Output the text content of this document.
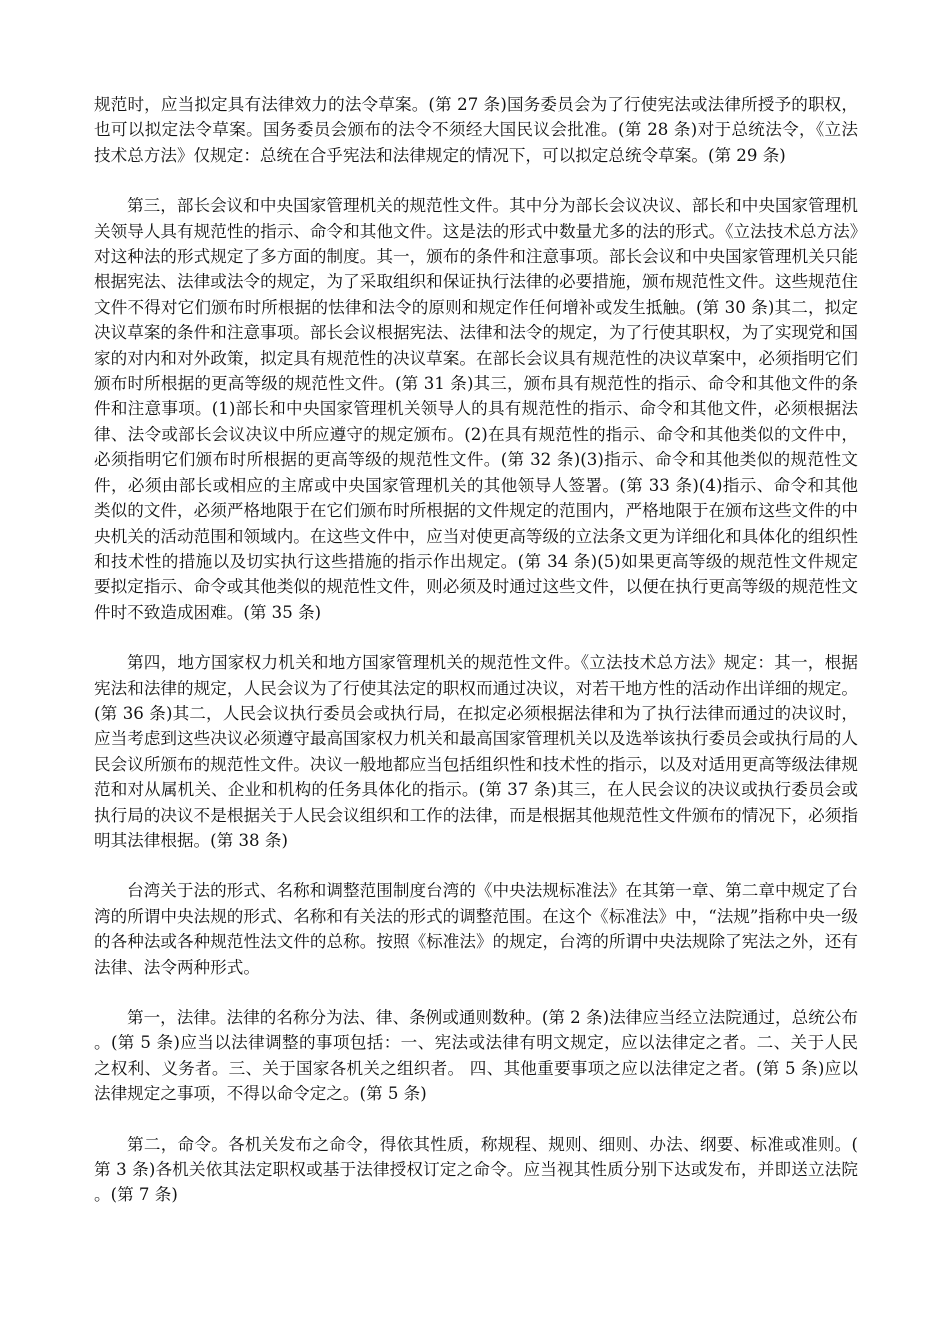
规范时，应当拟定具有法律效力的法令草案。(第 27 条)国务委员会为了行使宪法或法律所授予的职权，也可以拟定法令草案。国务委员会颁布的法令不须经大国民议会批准。(第 28 条)对于总统法令，《立法技术总方法》仅规定：总统在合乎宪法和法律规定的情况下，可以拟定总统令草案。(第 29 条)

第三，部长会议和中央国家管理机关的规范性文件。其中分为部长会议决议、部长和中央国家管理机关领导人具有规范性的指示、命令和其他文件。这是法的形式中数量尤多的法的形式。《立法技术总方法》对这种法的形式规定了多方面的制度。其一，颁布的条件和注意事项。部长会议和中央国家管理机关只能根据宪法、法律或法令的规定，为了采取组织和保证执行法律的必要措施，颁布规范性文件。这些规范住文件不得对它们颁布时所根据的怯律和法令的原则和规定作任何增补或发生抵触。(第 30 条)其二，拟定决议草案的条件和注意事项。部长会议根据宪法、法律和法令的规定，为了行使其职权，为了实现党和国家的对内和对外政策，拟定具有规范性的决议草案。在部长会议具有规范性的决议草案中，必须指明它们颁布时所根据的更高等级的规范性文件。(第 31 条)其三，颁布具有规范性的指示、命令和其他文件的条件和注意事项。(1)部长和中央国家管理机关领导人的具有规范性的指示、命令和其他文件，必须根据法律、法令或部长会议决议中所应遵守的规定颁布。(2)在具有规范性的指示、命令和其他类似的文件中，必须指明它们颁布时所根据的更高等级的规范性文件。(第 32 条)(3)指示、命令和其他类似的规范性文件，必须由部长或相应的主席或中央国家管理机关的其他领导人签署。(第 33 条)(4)指示、命令和其他类似的文件，必须严格地限于在它们颁布时所根据的文件规定的范围内，严格地限于在颁布这些文件的中央机关的活动范围和领域内。在这些文件中，应当对使更高等级的立法条文更为详细化和具体化的组织性和技术性的措施以及切实执行这些措施的指示作出规定。(第 34 条)(5)如果更高等级的规范性文件规定要拟定指示、命令或其他类似的规范性文件，则必须及时通过这些文件，以便在执行更高等级的规范性文件时不致造成困难。(第 35 条)

第四，地方国家权力机关和地方国家管理机关的规范性文件。《立法技术总方法》规定：其一，根据宪法和法律的规定，人民会议为了行使其法定的职权而通过决议，对若干地方性的活动作出详细的规定。(第 36 条)其二，人民会议执行委员会或执行局，在拟定必须根据法律和为了执行法律而通过的决议时，应当考虑到这些决议必须遵守最高国家权力机关和最高国家管理机关以及选举该执行委员会或执行局的人民会议所颁布的规范性文件。决议一般地都应当包括组织性和技术性的指示，以及对适用更高等级法律规范和对从属机关、企业和机构的任务具体化的指示。(第 37 条)其三，在人民会议的决议或执行委员会或执行局的决议不是根据关于人民会议组织和工作的法律，而是根据其他规范性文件颁布的情况下，必须指明其法律根据。(第 38 条)

台湾关于法的形式、名称和调整范围制度台湾的《中央法规标准法》在其第一章、第二章中规定了台湾的所谓中央法规的形式、名称和有关法的形式的调整范围。在这个《标准法》中，“法规”指称中央一级的各种法或各种规范性法文件的总称。按照《标准法》的规定，台湾的所谓中央法规除了宪法之外，还有法律、法令两种形式。

第一，法律。法律的名称分为法、律、条例或通则数种。(第 2 条)法律应当经立法院通过，总统公布。(第 5 条)应当以法律调整的事项包括：一、宪法或法律有明文规定，应以法律定之者。二、关于人民之权利、义务者。三、关于国家各机关之组织者。 四、其他重要事项之应以法律定之者。(第 5 条)应以法律规定之事项，不得以命令定之。(第 5 条)

第二，命令。各机关发布之命令，得依其性质，称规程、规则、细则、办法、纲要、标准或准则。(第 3 条)各机关依其法定职权或基于法律授权订定之命令。应当视其性质分别下达或发布，并即送立法院。(第 7 条)
